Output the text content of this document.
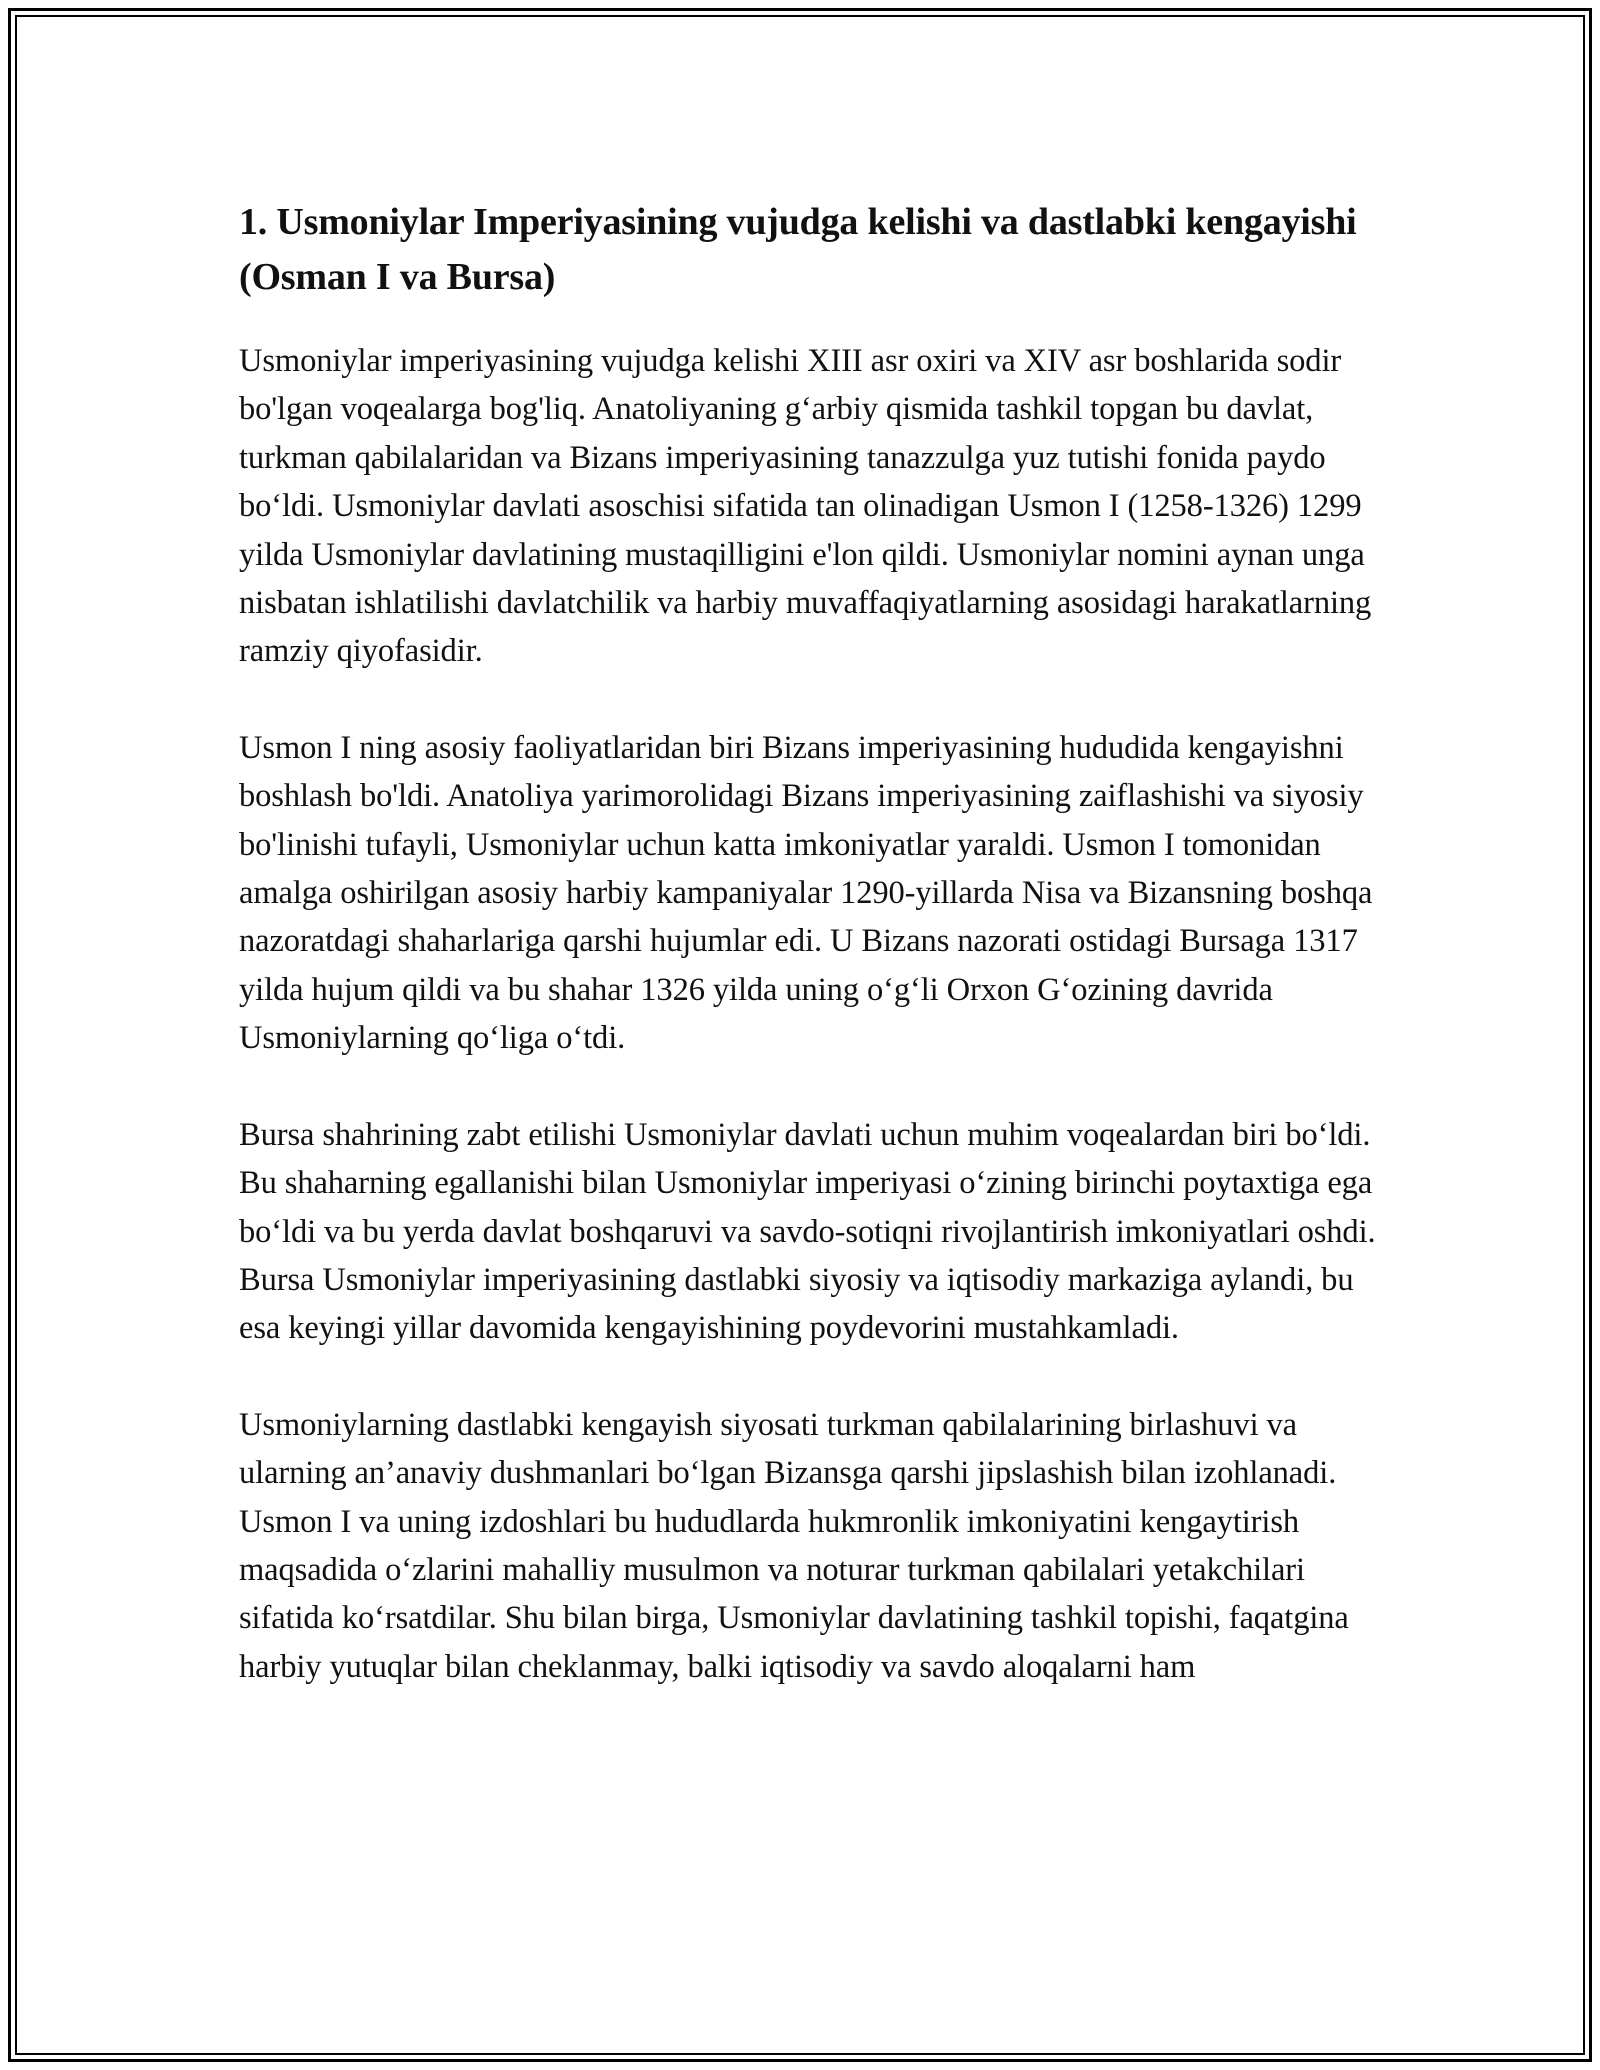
1. Usmoniylar Imperiyasining vujudga kelishi va dastlabki kengayishi (Osman I va Bursa)

Usmoniylar imperiyasining vujudga kelishi XIII asr oxiri va XIV asr boshlarida sodir bo'lgan voqealarga bog'liq. Anatoliyaning g‘arbiy qismida tashkil topgan bu davlat, turkman qabilalaridan va Bizans imperiyasining tanazzulga yuz tutishi fonida paydo bo‘ldi. Usmoniylar davlati asoschisi sifatida tan olinadigan Usmon I (1258-1326) 1299 yilda Usmoniylar davlatining mustaqilligini e'lon qildi. Usmoniylar nomini aynan unga nisbatan ishlatilishi davlatchilik va harbiy muvaffaqiyatlarning asosidagi harakatlarning ramziy qiyofasidir.

Usmon I ning asosiy faoliyatlaridan biri Bizans imperiyasining hududida kengayishni boshlash bo'ldi. Anatoliya yarimorolidagi Bizans imperiyasining zaiflashishi va siyosiy bo'linishi tufayli, Usmoniylar uchun katta imkoniyatlar yaraldi. Usmon I tomonidan amalga oshirilgan asosiy harbiy kampaniyalar 1290-yillarda Nisa va Bizansning boshqa nazoratdagi shaharlariga qarshi hujumlar edi. U Bizans nazorati ostidagi Bursaga 1317 yilda hujum qildi va bu shahar 1326 yilda uning o‘g‘li Orxon G‘ozining davrida Usmoniylarning qo‘liga o‘tdi.

Bursa shahrining zabt etilishi Usmoniylar davlati uchun muhim voqealardan biri bo‘ldi. Bu shaharning egallanishi bilan Usmoniylar imperiyasi o‘zining birinchi poytaxtiga ega bo‘ldi va bu yerda davlat boshqaruvi va savdo-sotiqni rivojlantirish imkoniyatlari oshdi. Bursa Usmoniylar imperiyasining dastlabki siyosiy va iqtisodiy markaziga aylandi, bu esa keyingi yillar davomida kengayishining poydevorini mustahkamladi.

Usmoniylarning dastlabki kengayish siyosati turkman qabilalarining birlashuvi va ularning an’anaviy dushmanlari bo‘lgan Bizansga qarshi jipslashish bilan izohlanadi. Usmon I va uning izdoshlari bu hududlarda hukmronlik imkoniyatini kengaytirish maqsadida o‘zlarini mahalliy musulmon va noturar turkman qabilalari yetakchilari sifatida ko‘rsatdilar. Shu bilan birga, Usmoniylar davlatining tashkil topishi, faqatgina harbiy yutuqlar bilan cheklanmay, balki iqtisodiy va savdo aloqalarni ham
